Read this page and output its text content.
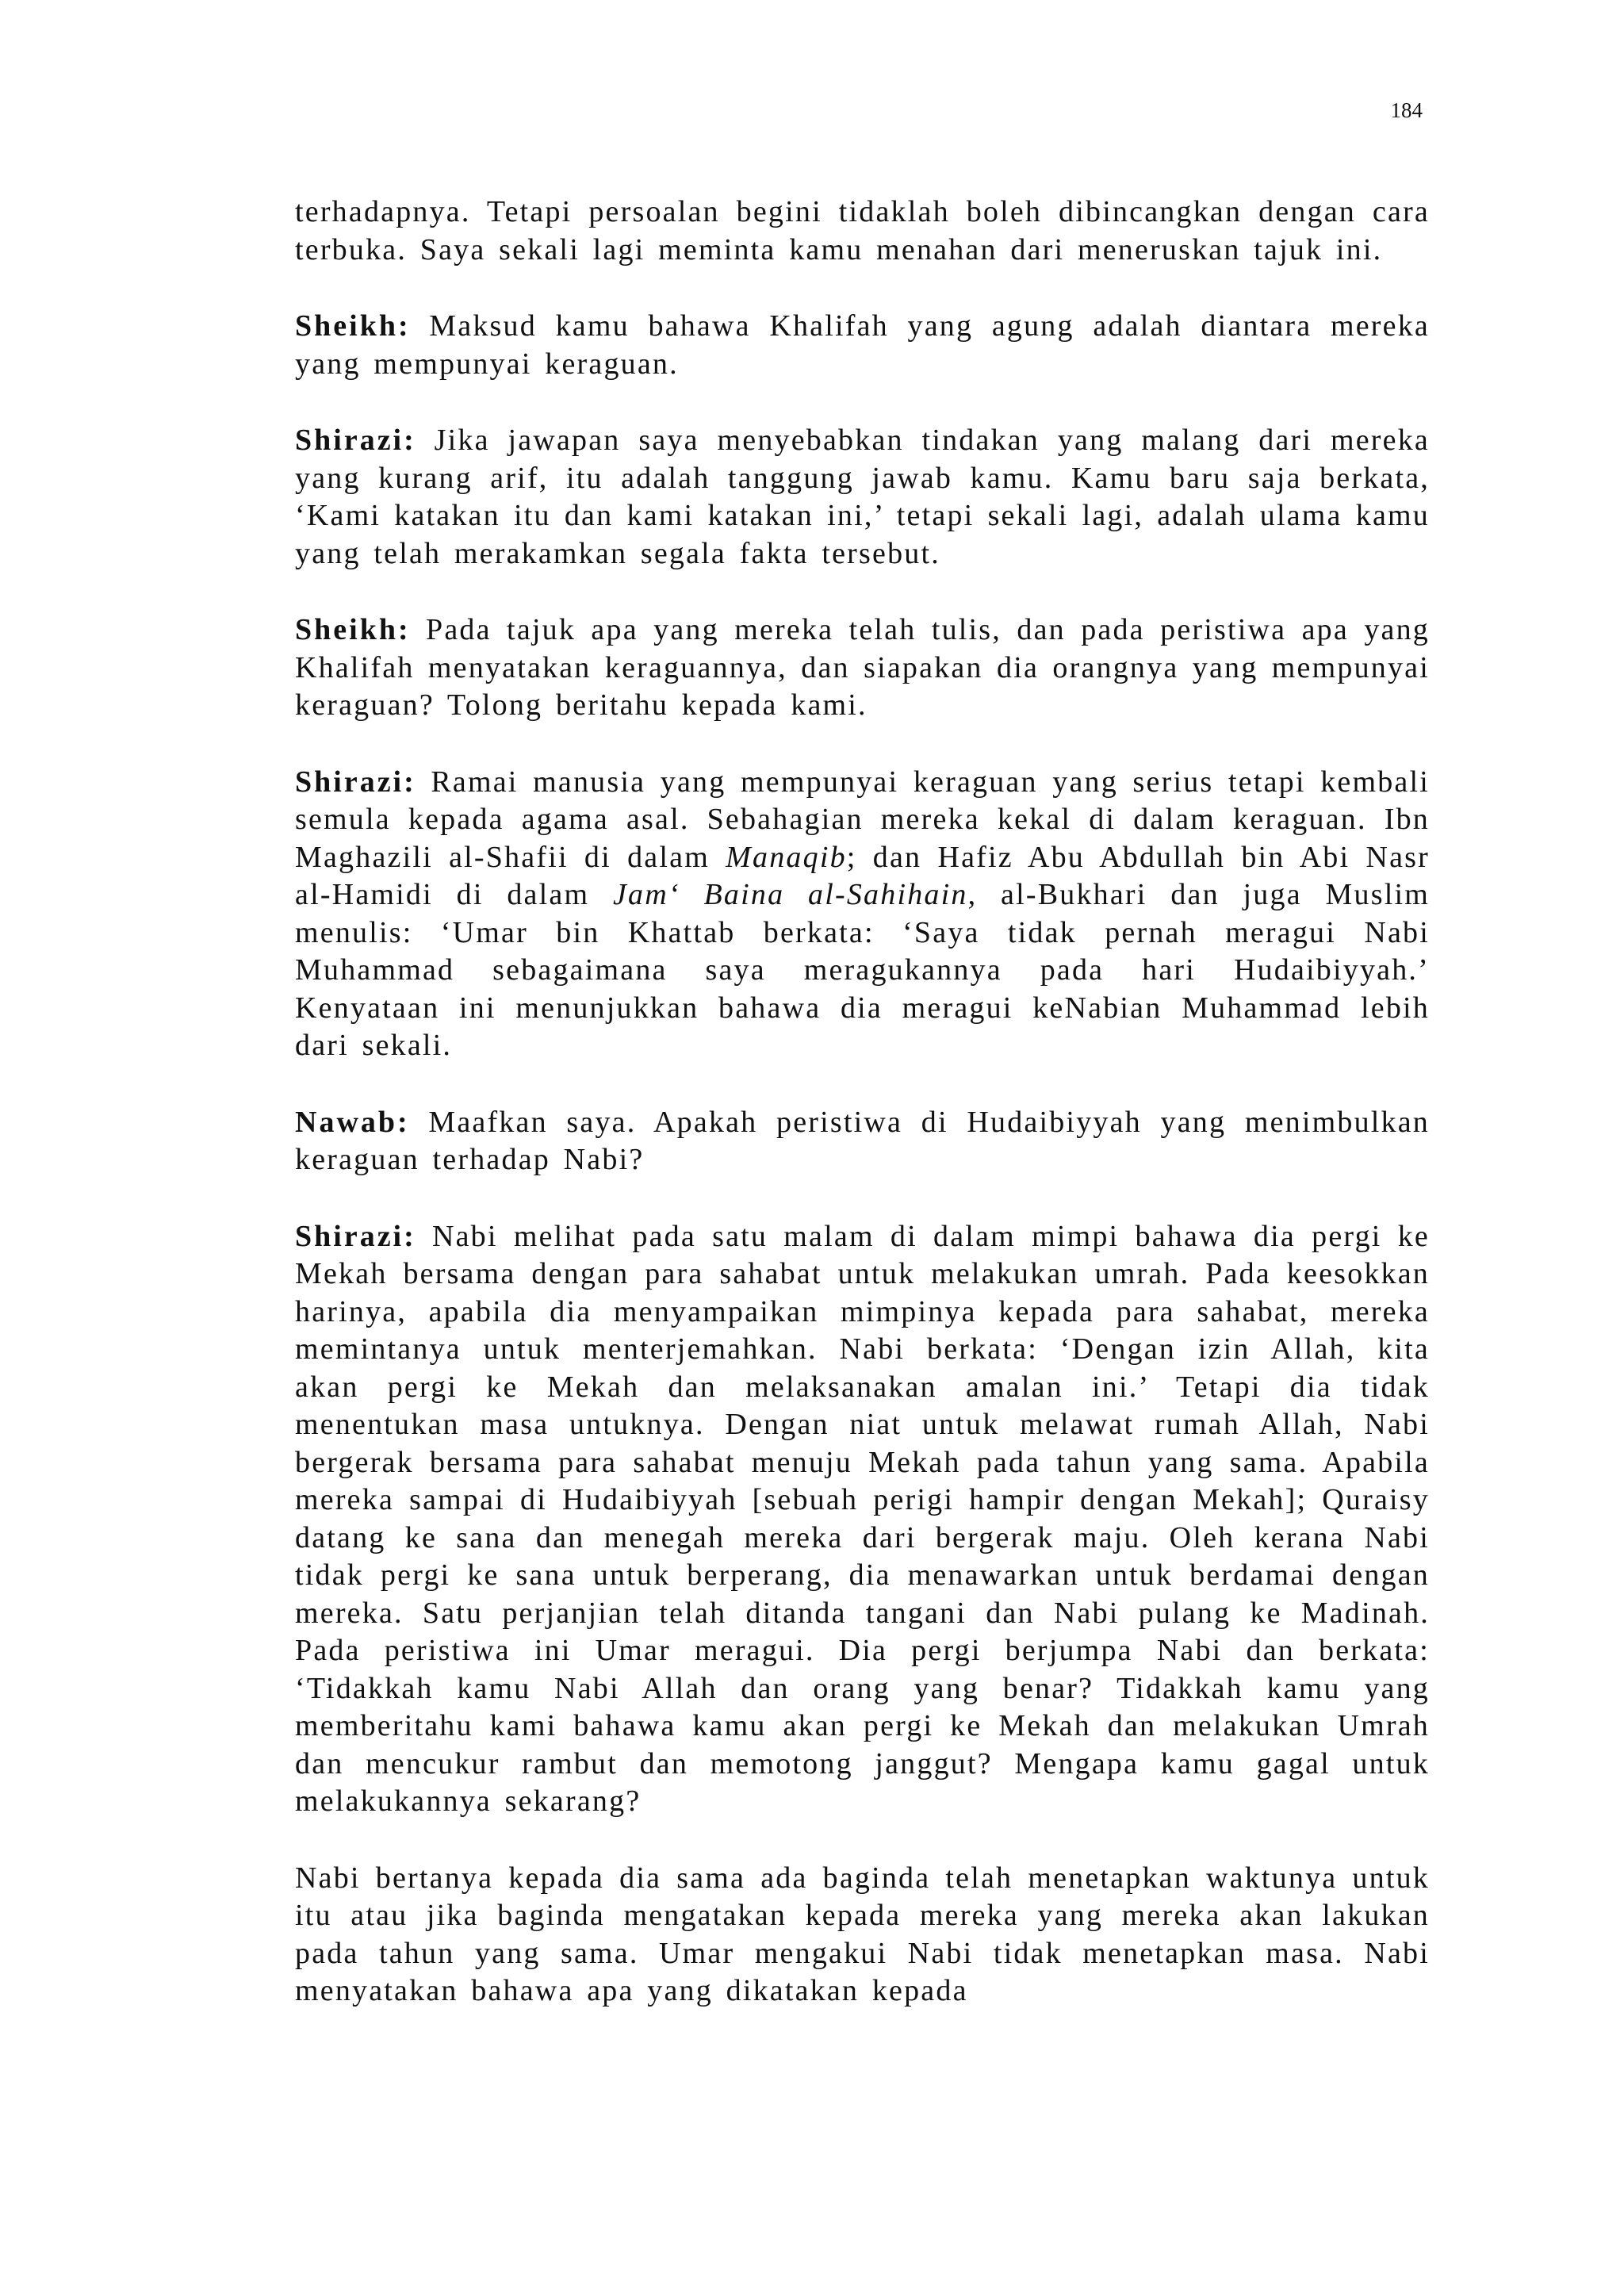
184

terhadapnya. Tetapi persoalan begini tidaklah boleh dibincangkan dengan cara terbuka. Saya sekali lagi meminta kamu menahan dari meneruskan tajuk ini.

Sheikh: Maksud kamu bahawa Khalifah yang agung adalah diantara mereka yang mempunyai keraguan.

Shirazi: Jika jawapan saya menyebabkan tindakan yang malang dari mereka yang kurang arif, itu adalah tanggung jawab kamu. Kamu baru saja berkata, ‘Kami katakan itu dan kami katakan ini,’ tetapi sekali lagi, adalah ulama kamu yang telah merakamkan segala fakta tersebut.

Sheikh: Pada tajuk apa yang mereka telah tulis, dan pada peristiwa apa yang Khalifah menyatakan keraguannya, dan siapakan dia orangnya yang mempunyai keraguan? Tolong beritahu kepada kami.

Shirazi: Ramai manusia yang mempunyai keraguan yang serius tetapi kembali semula kepada agama asal. Sebahagian mereka kekal di dalam keraguan. Ibn Maghazili al-Shafii di dalam Manaqib; dan Hafiz Abu Abdullah bin Abi Nasr al-Hamidi di dalam Jam‘ Baina al-Sahihain, al-Bukhari dan juga Muslim menulis: ‘Umar bin Khattab berkata: ‘Saya tidak pernah meragui Nabi Muhammad sebagaimana saya meragukannya pada hari Hudaibiyyah.’ Kenyataan ini menunjukkan bahawa dia meragui keNabian Muhammad lebih dari sekali.

Nawab: Maafkan saya. Apakah peristiwa di Hudaibiyyah yang menimbulkan keraguan terhadap Nabi?

Shirazi: Nabi melihat pada satu malam di dalam mimpi bahawa dia pergi ke Mekah bersama dengan para sahabat untuk melakukan umrah. Pada keesokkan harinya, apabila dia menyampaikan mimpinya kepada para sahabat, mereka memintanya untuk menterjemahkan. Nabi berkata: ‘Dengan izin Allah, kita akan pergi ke Mekah dan melaksanakan amalan ini.’ Tetapi dia tidak menentukan masa untuknya. Dengan niat untuk melawat rumah Allah, Nabi bergerak bersama para sahabat menuju Mekah pada tahun yang sama. Apabila mereka sampai di Hudaibiyyah [sebuah perigi hampir dengan Mekah]; Quraisy datang ke sana dan menegah mereka dari bergerak maju. Oleh kerana Nabi tidak pergi ke sana untuk berperang, dia menawarkan untuk berdamai dengan mereka. Satu perjanjian telah ditanda tangani dan Nabi pulang ke Madinah. Pada peristiwa ini Umar meragui. Dia pergi berjumpa Nabi dan berkata: ‘Tidakkah kamu Nabi Allah dan orang yang benar? Tidakkah kamu yang memberitahu kami bahawa kamu akan pergi ke Mekah dan melakukan Umrah dan mencukur rambut dan memotong janggut? Mengapa kamu gagal untuk melakukannya sekarang?

Nabi bertanya kepada dia sama ada baginda telah menetapkan waktunya untuk itu atau jika baginda mengatakan kepada mereka yang mereka akan lakukan pada tahun yang sama. Umar mengakui Nabi tidak menetapkan masa. Nabi menyatakan bahawa apa yang dikatakan kepada
